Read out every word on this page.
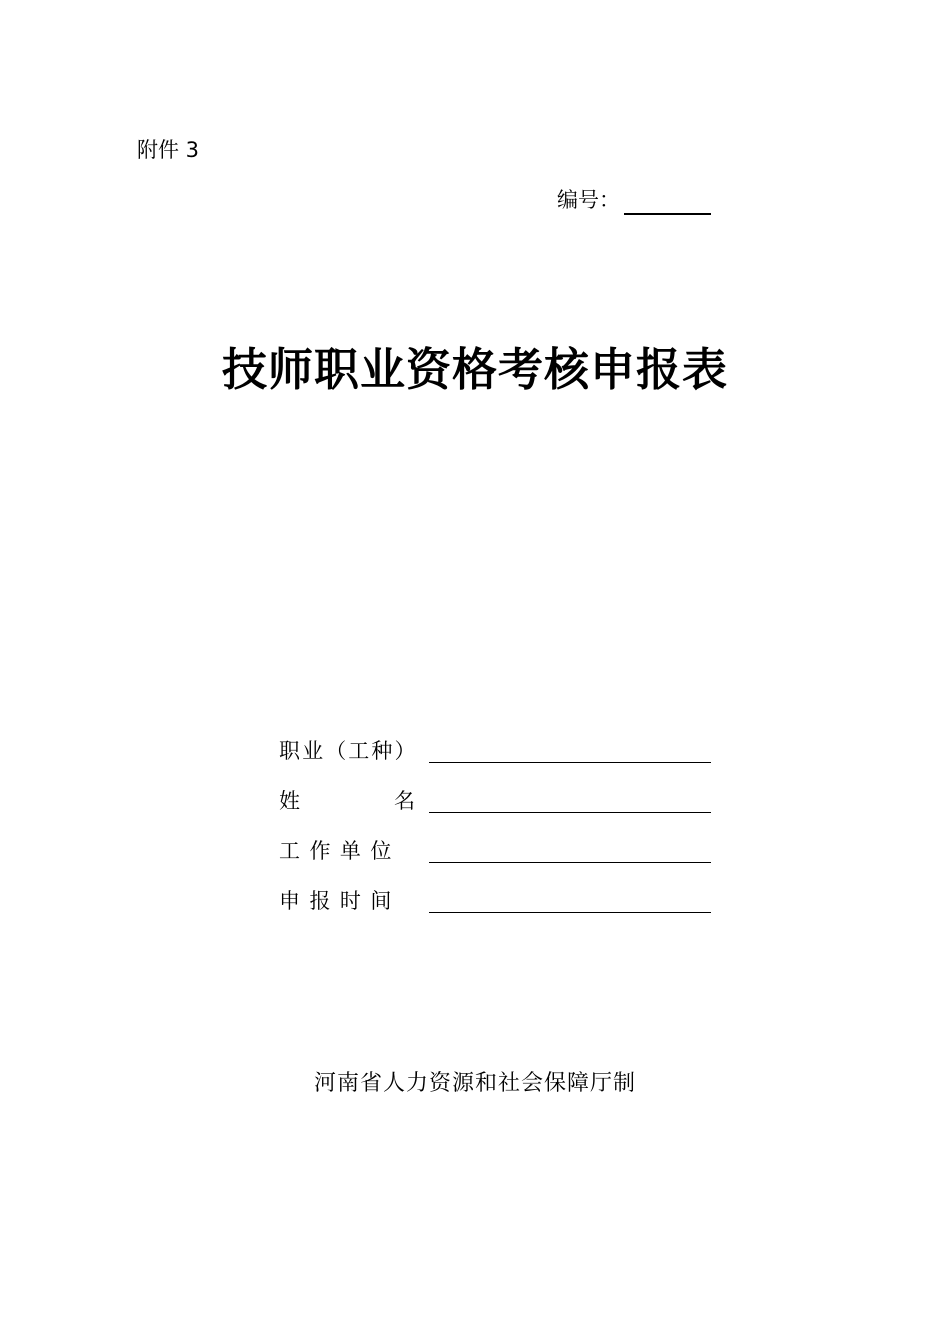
附件 3
编号：
技师职业资格考核申报表
职业（工种）
姓	名
工作单位
申报时间
河南省人力资源和社会保障厅制
